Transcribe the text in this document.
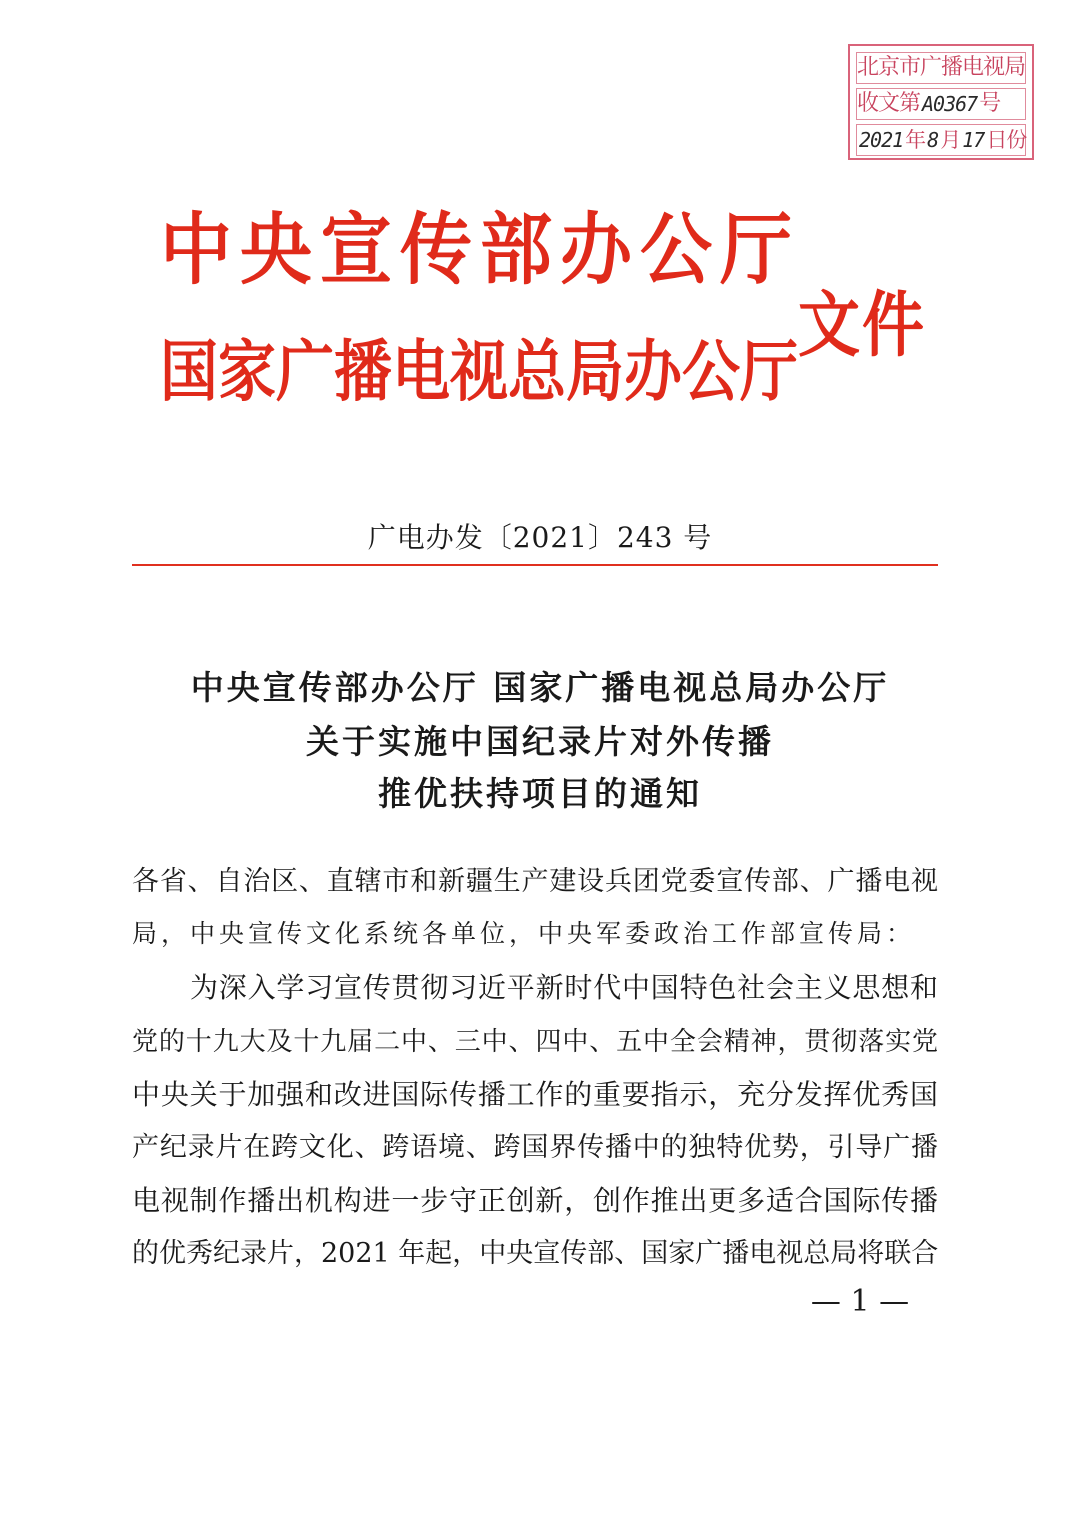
北京市广播电视局
收文第 A0367 号
2021 年 8 月 17 日 份
中央宣传部办公厅
国家广播电视总局办公厅
文件
广电办发〔2021〕243 号
中央宣传部办公厅 国家广播电视总局办公厅
关于实施中国纪录片对外传播
推优扶持项目的通知
各省、自治区、直辖市和新疆生产建设兵团党委宣传部、广播电视
局，中央宣传文化系统各单位，中央军委政治工作部宣传局：
为深入学习宣传贯彻习近平新时代中国特色社会主义思想和
党的十九大及十九届二中、三中、四中、五中全会精神，贯彻落实党
中央关于加强和改进国际传播工作的重要指示，充分发挥优秀国
产纪录片在跨文化、跨语境、跨国界传播中的独特优势，引导广播
电视制作播出机构进一步守正创新，创作推出更多适合国际传播
的优秀纪录片，2021 年起，中央宣传部、国家广播电视总局将联合
— 1 —
